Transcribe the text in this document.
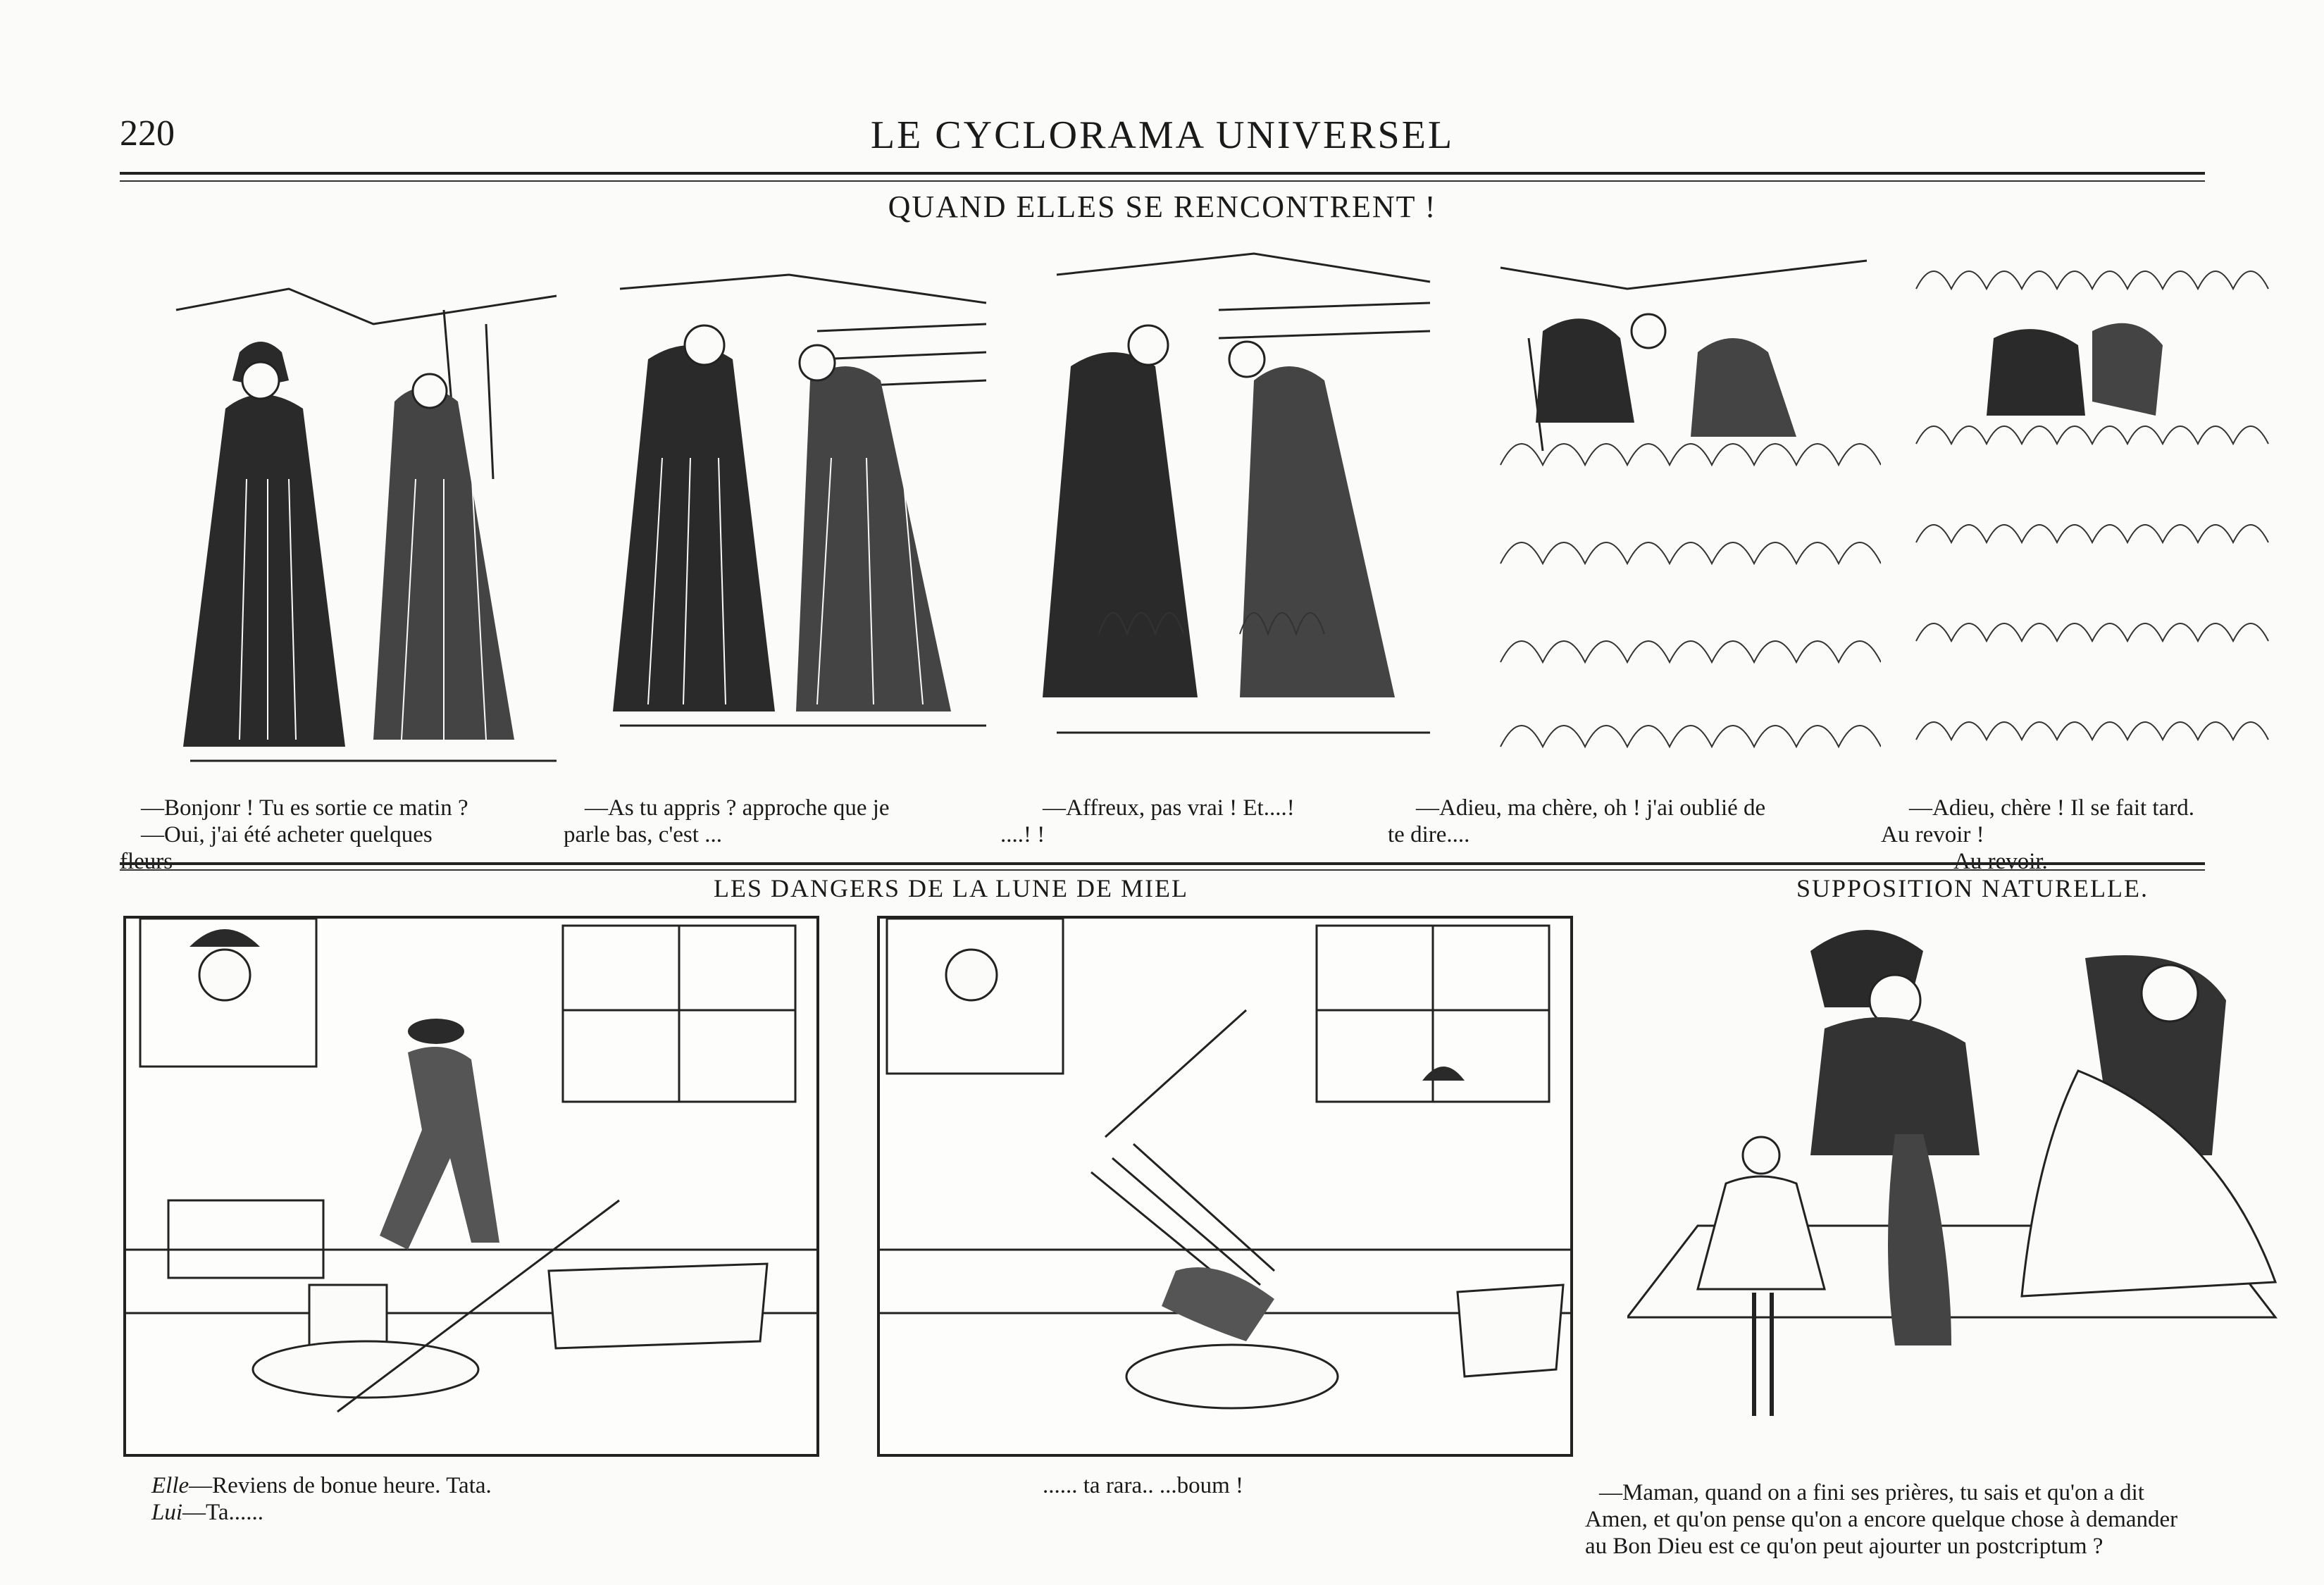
220	LE CYCLORAMA UNIVERSEL
QUAND ELLES SE RENCONTRENT !

—Bonjonr ! Tu es sortie ce matin ?

—Oui, j'ai été acheter quelques

fleurs

—As tu appris ? approche que je

parle bas, c'est ...

—Affreux, pas vrai ! Et....!

....! !

—Adieu, ma chère, oh ! j'ai oublié de

te dire....

—Adieu, chère ! Il se fait tard.

Au revoir !

—Au revoir.

LES DANGERS DE LA LUNE DE MIEL

Elle—Reviens de bonue heure. Tata.

Lui—Ta......

...... ta rara.. ...boum !

SUPPOSITION NATURELLE.

—Maman, quand on a fini ses prières, tu sais et qu'on a dit

Amen, et qu'on pense qu'on a encore quelque chose à demander

au Bon Dieu est ce qu'on peut ajourter un postcriptum ?
